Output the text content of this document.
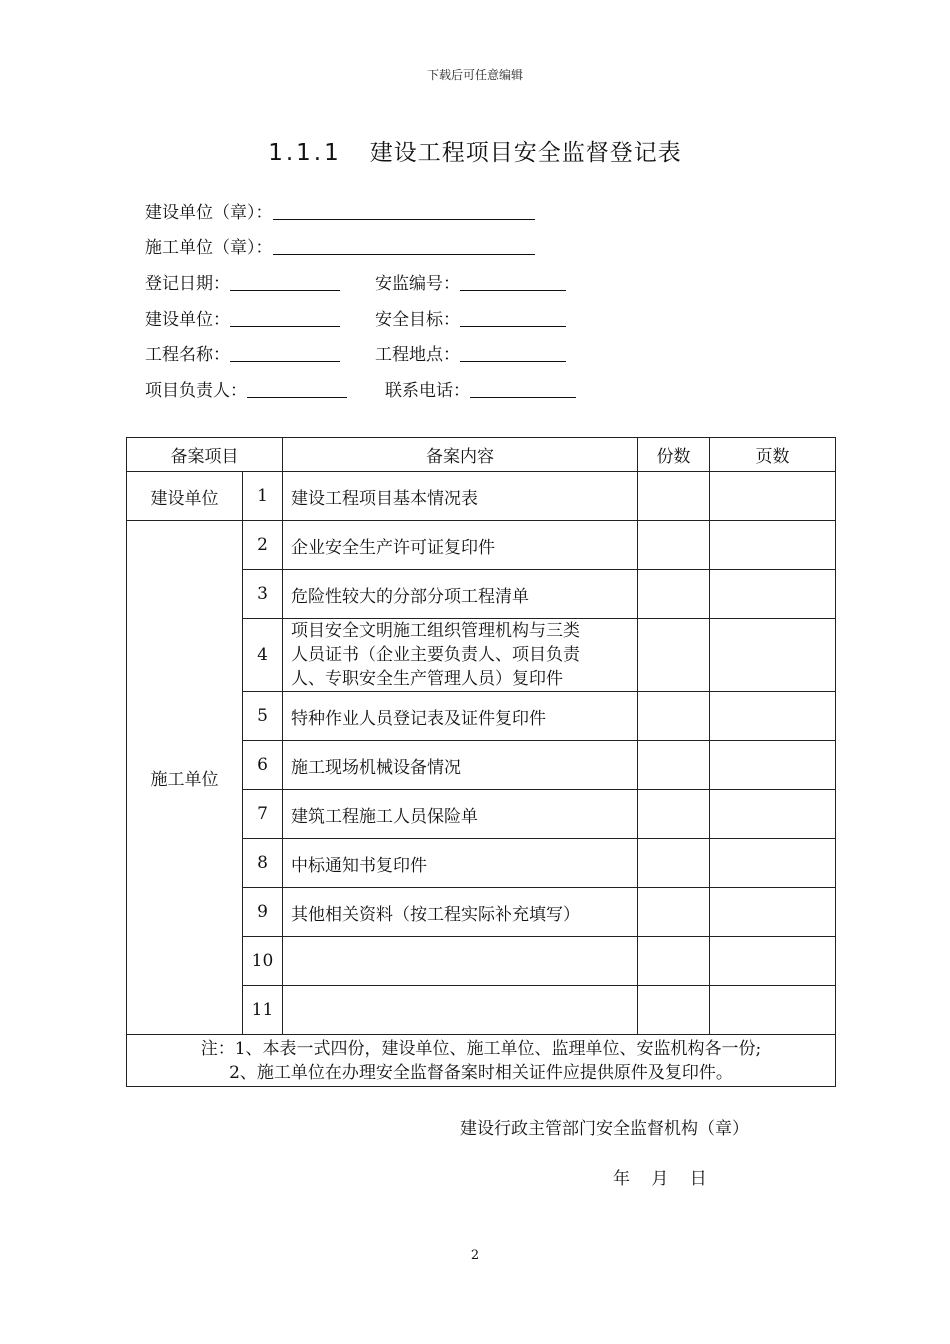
下载后可任意编辑
1.1.1 建设工程项目安全监督登记表
建设单位（章）：
施工单位（章）：
登记日期：	安监编号：
建设单位：	安全目标：
工程名称：	工程地点：
项目负责人：	联系电话：
备案项目		备案内容	份数	页数
建设单位	1	建设工程项目基本情况表		
施工单位	2	企业安全生产许可证复印件		
	3	危险性较大的分部分项工程清单		
	4	项目安全文明施工组织管理机构与三类
人员证书（企业主要负责人、项目负责
人、专职安全生产管理人员）复印件		

	5	特种作业人员登记表及证件复印件		
	6	施工现场机械设备情况		
	7	建筑工程施工人员保险单		
	8	中标通知书复印件		
	9	其他相关资料（按工程实际补充填写）		
	10			
	11			

注：1、本表一式四份，建设单位、施工单位、监理单位、安监机构各一份;
2、施工单位在办理安全监督备案时相关证件应提供原件及复印件。				
建设行政主管部门安全监督机构（章）
年 月 日
2
